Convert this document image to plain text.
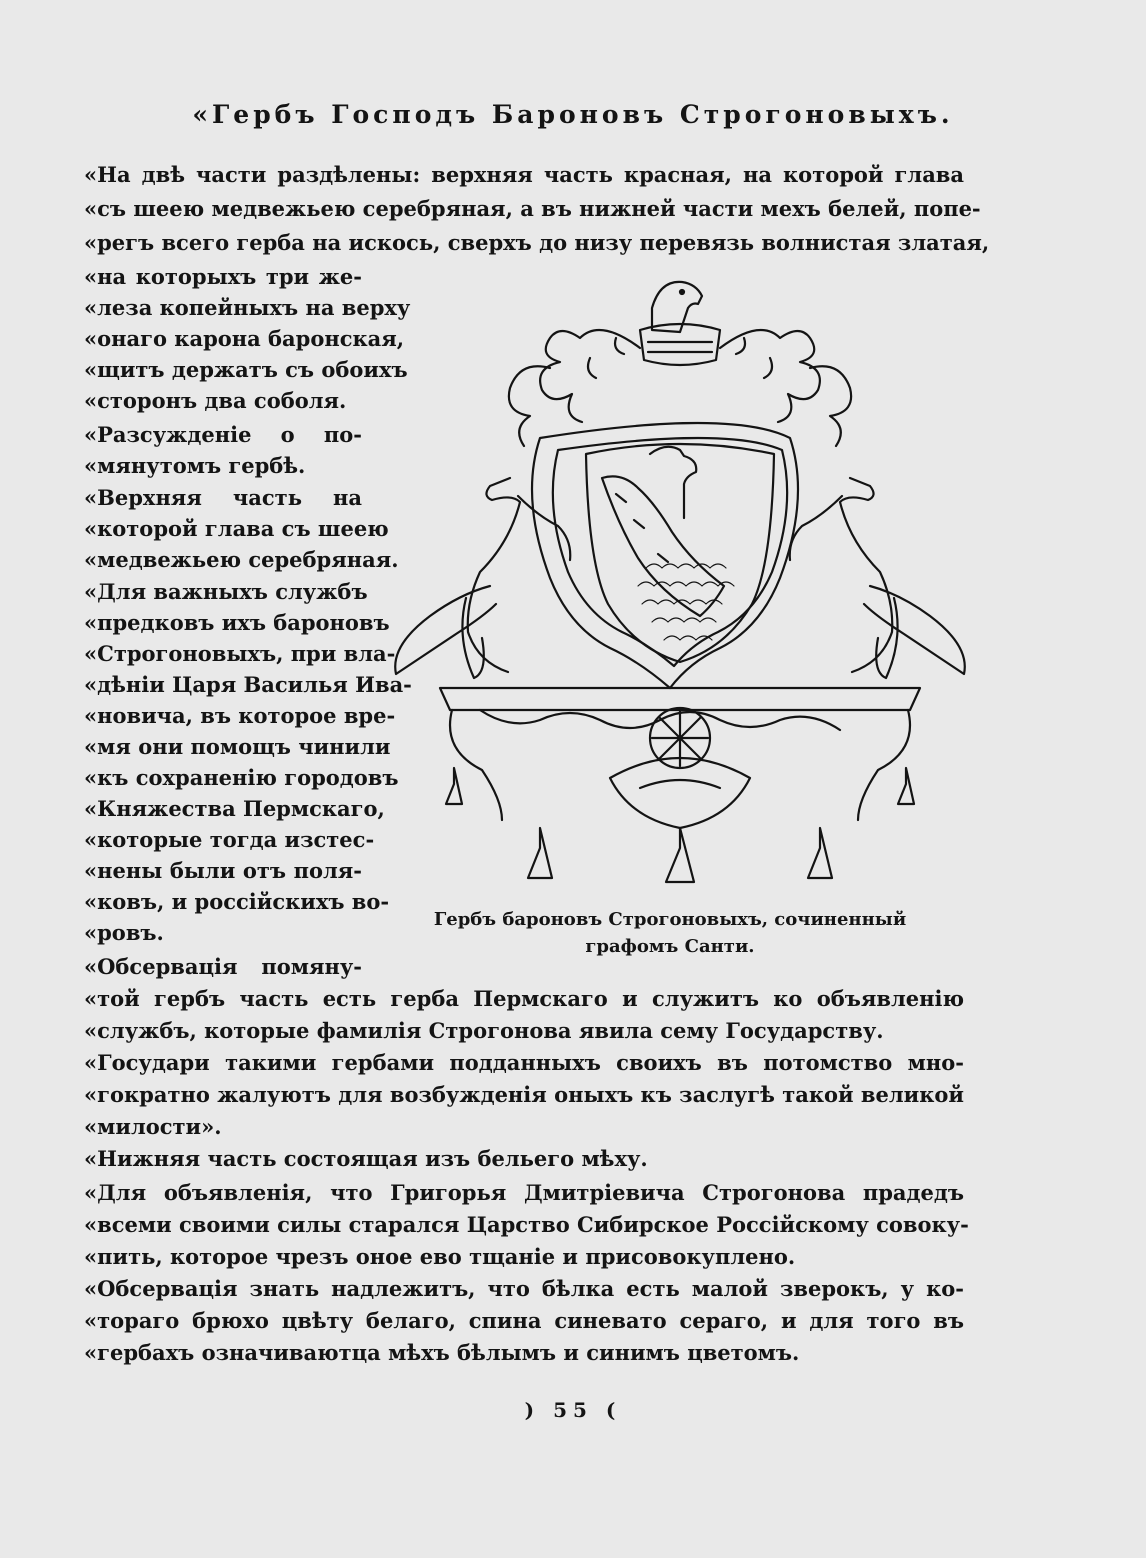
«Гербъ Господъ Бароновъ Строгоновыхъ.
«На двѣ части раздѣлены: верхняя часть красная, на которой глава
«съ шеею медвежьею серебряная, а въ нижней части мехъ белей, попе-
«регъ всего герба на искось, сверхъ до низу перевязь волнистая златая,
«на которыхъ три же-
«леза копейныхъ на верху
«онаго карона баронская,
«щитъ держатъ съ обоихъ
«сторонъ два соболя.
«Разсужденiе о по-
«мянутомъ гербѣ.
«Верхняя часть на
«которой глава съ шеею
«медвежьею серебряная.
«Для важныхъ службъ
«предковъ ихъ бароновъ
«Строгоновыхъ, при вла-
«дѣнiи Царя Василья Ива-
«новича, въ которое вре-
«мя они помощъ чинили
«къ сохраненiю городовъ
«Княжества Пермскаго,
«которые тогда изстес-
«нены были отъ поля-
«ковъ, и россiйскихъ во-
«ровъ.
«Обсервацiя помяну-
Гербъ бароновъ Строгоновыхъ, сочиненный
графомъ Санти.
«той гербъ часть есть герба Пермскаго и служитъ ко объявленiю
«службъ, которые фамилiя Строгонова явила сему Государству.
«Государи такими гербами подданныхъ своихъ въ потомство мно-
«гократно жалуютъ для возбужденiя оныхъ къ заслугѣ такой великой
«милости».
«Нижняя часть состоящая изъ бельего мѣху.
«Для объявленiя, что Григорья Дмитрiевича Строгонова прадедъ
«всеми своими силы старался Царство Сибирское Россiйскому совоку-
«пить, которое чрезъ оное ево тщанiе и присовокуплено.
«Обсервацiя знать надлежитъ, что бѣлка есть малой зверокъ, у ко-
«тораго брюхо цвѣту белаго, спина синевато сераго, и для того въ
«гербахъ означиваютца мѣхъ бѣлымъ и синимъ цветомъ.
) 55 (
